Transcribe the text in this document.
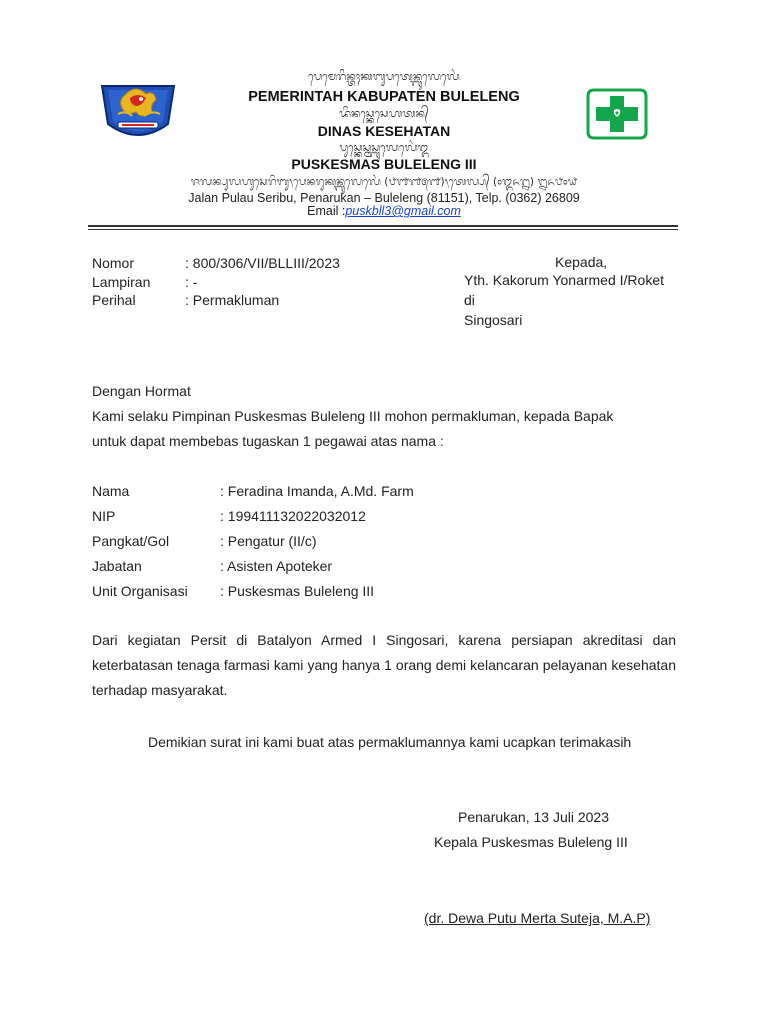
ᬧᬾᬫᬾᬭᬶᬦ᭄ᬢᬄᬓᬩᬸᬧᬢᬾᬦ᭄ᬩᬸᬮᬾᬮᬾᬂ
PEMERINTAH KABUPATEN BULELENG
ᬤᬶᬦᬲ᭄ᬓᬾᬲᬾᬳᬢᬦ᭄
DINAS KESEHATAN
ᬧᬸᬲ᭄ᬓᬾᬲ᭄ᬫᬲ᭄ᬩᬸᬮᬾᬮᬾᬂ᭓
PUSKESMAS BULELENG III
ᬚᬮᬦ᭄ᬧᬸᬮᬳᬸᬲᬾᬭᬶᬩᬸ᭞ᬧᬾᬦᬭᬸᬓᬦ᭄ᬩᬸᬮᬾᬮᬾᬂ (᭘᭑᭑᭕᭑)᭞ᬢᬾᬮ᭄ᬧ᭄ (᭐᭓᭖᭒) ᭒᭖᭘᭐᭙
Jalan Pulau Seribu, Penarukan – Buleleng (81151), Telp. (0362) 26809
Email :puskbll3@gmail.com
Nomor	: 800/306/VII/BLLIII/2023
Lampiran : -
Perihal	: Permakluman
Kepada,
Yth. Kakorum Yonarmed I/Roket
di
Singosari
Dengan Hormat
Kami selaku Pimpinan Puskesmas Buleleng III mohon permakluman, kepada Bapak
untuk dapat membebas tugaskan 1 pegawai atas nama :
Nama	: Feradina Imanda, A.Md. Farm
NIP	: 199411132022032012
Pangkat/Gol	: Pengatur (II/c)
Jabatan	: Asisten Apoteker
Unit Organisasi : Puskesmas Buleleng III
Dari kegiatan Persit di Batalyon Armed I Singosari, karena persiapan akreditasi dan keterbatasan tenaga farmasi kami yang hanya 1 orang demi kelancaran pelayanan kesehatan terhadap masyarakat.
Demikian surat ini kami buat atas permaklumannya kami ucapkan terimakasih
Penarukan, 13 Juli 2023
Kepala Puskesmas Buleleng III
(dr. Dewa Putu Merta Suteja, M.A.P)
